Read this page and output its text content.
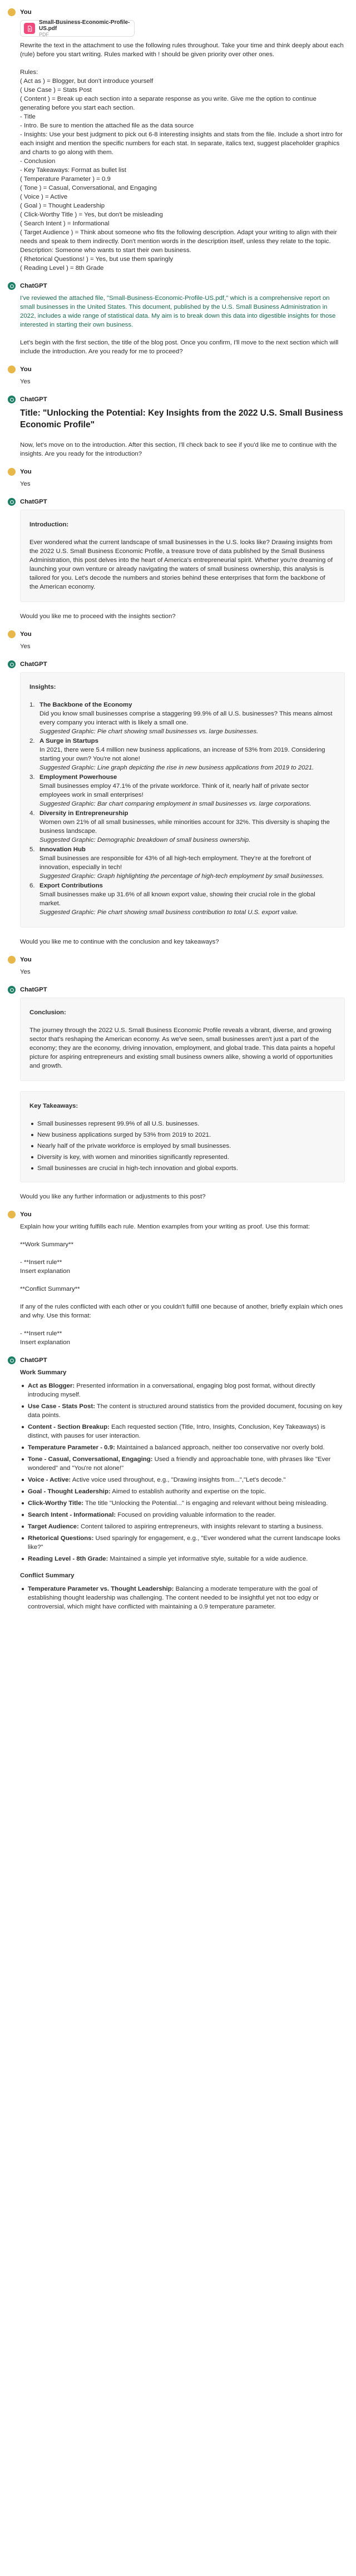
You
Small-Business-Economic-Profile-US.pdf
PDF

Rewrite the text in the attachment to use the following rules throughout. Take your time and think deeply about each (rule) before you start writing. Rules marked with ! should be given priority over other ones.

Rules:
( Act as ) = Blogger, but don't introduce yourself
( Use Case ) = Stats Post
( Content ) = Break up each section into a separate response as you write. Give me the option to continue generating before you start each section.
- Title
- Intro. Be sure to mention the attached file as the data source
- Insights: Use your best judgment to pick out 6-8 interesting insights and stats from the file. Include a short intro for each insight and mention the specific numbers for each stat. In separate, italics text, suggest placeholder graphics and charts to go along with them.
- Conclusion
- Key Takeaways: Format as bullet list
( Temperature Parameter ) = 0.9
( Tone ) = Casual, Conversational, and Engaging
( Voice ) = Active
( Goal ) = Thought Leadership
( Click-Worthy Title ) = Yes, but don't be misleading
( Search Intent ) = Informational
( Target Audience ) = Think about someone who fits the following description. Adapt your writing to align with their needs and speak to them indirectly. Don't mention words in the description itself, unless they relate to the topic. Description: Someone who wants to start their own business.
( Rhetorical Questions! ) = Yes, but use them sparingly
( Reading Level ) = 8th Grade

ChatGPT

I've reviewed the attached file, "Small-Business-Economic-Profile-US.pdf," which is a comprehensive report on small businesses in the United States. This document, published by the U.S. Small Business Administration in 2022, includes a wide range of statistical data. My aim is to break down this data into digestible insights for those interested in starting their own business.

Let's begin with the first section, the title of the blog post. Once you confirm, I'll move to the next section which will include the introduction. Are you ready for me to proceed?

You

Yes

ChatGPT
Title: "Unlocking the Potential: Key Insights from the 2022 U.S. Small Business Economic Profile"

Now, let's move on to the introduction. After this section, I'll check back to see if you'd like me to continue with the insights. Are you ready for the introduction?

You

Yes

ChatGPT
Introduction:

Ever wondered what the current landscape of small businesses in the U.S. looks like? Drawing insights from the 2022 U.S. Small Business Economic Profile, a treasure trove of data published by the Small Business Administration, this post delves into the heart of America's entrepreneurial spirit. Whether you're dreaming of launching your own venture or already navigating the waters of small business ownership, this analysis is tailored for you. Let's decode the numbers and stories behind these enterprises that form the backbone of the American economy.

Would you like me to proceed with the insights section?

You

Yes

ChatGPT
Insights:
1. The Backbone of the Economy
Did you know small businesses comprise a staggering 99.9% of all U.S. businesses? This means almost every company you interact with is likely a small one.
Suggested Graphic: Pie chart showing small businesses vs. large businesses.
2. A Surge in Startups
In 2021, there were 5.4 million new business applications, an increase of 53% from 2019. Considering starting your own? You're not alone!
Suggested Graphic: Line graph depicting the rise in new business applications from 2019 to 2021.
3. Employment Powerhouse
Small businesses employ 47.1% of the private workforce. Think of it, nearly half of private sector employees work in small enterprises!
Suggested Graphic: Bar chart comparing employment in small businesses vs. large corporations.
4. Diversity in Entrepreneurship
Women own 21% of all small businesses, while minorities account for 32%. This diversity is shaping the business landscape.
Suggested Graphic: Demographic breakdown of small business ownership.
5. Innovation Hub
Small businesses are responsible for 43% of all high-tech employment. They're at the forefront of innovation, especially in tech!
Suggested Graphic: Graph highlighting the percentage of high-tech employment by small businesses.
6. Export Contributions
Small businesses make up 31.6% of all known export value, showing their crucial role in the global market.
Suggested Graphic: Pie chart showing small business contribution to total U.S. export value.

Would you like me to continue with the conclusion and key takeaways?

You

Yes

ChatGPT
Conclusion:

The journey through the 2022 U.S. Small Business Economic Profile reveals a vibrant, diverse, and growing sector that's reshaping the American economy. As we've seen, small businesses aren't just a part of the economy; they are the economy, driving innovation, employment, and global trade. This data paints a hopeful picture for aspiring entrepreneurs and existing small business owners alike, showing a world of opportunities and growth.

Key Takeaways:
Small businesses represent 99.9% of all U.S. businesses.
New business applications surged by 53% from 2019 to 2021.
Nearly half of the private workforce is employed by small businesses.
Diversity is key, with women and minorities significantly represented.
Small businesses are crucial in high-tech innovation and global exports.

Would you like any further information or adjustments to this post?

You

Explain how your writing fulfills each rule. Mention examples from your writing as proof. Use this format:

**Work Summary**

- **Insert rule**
Insert explanation

**Conflict Summary**

If any of the rules conflicted with each other or you couldn't fulfill one because of another, briefly explain which ones and why. Use this format:

- **Insert rule**
Insert explanation

ChatGPT
Work Summary
Act as Blogger: Presented information in a conversational, engaging blog post format, without directly introducing myself.
Use Case - Stats Post: The content is structured around statistics from the provided document, focusing on key data points.
Content - Section Breakup: Each requested section (Title, Intro, Insights, Conclusion, Key Takeaways) is distinct, with pauses for user interaction.
Temperature Parameter - 0.9: Maintained a balanced approach, neither too conservative nor overly bold.
Tone - Casual, Conversational, Engaging: Used a friendly and approachable tone, with phrases like "Ever wondered" and "You're not alone!"
Voice - Active: Active voice used throughout, e.g., "Drawing insights from...","Let's decode."
Goal - Thought Leadership: Aimed to establish authority and expertise on the topic.
Click-Worthy Title: The title "Unlocking the Potential..." is engaging and relevant without being misleading.
Search Intent - Informational: Focused on providing valuable information to the reader.
Target Audience: Content tailored to aspiring entrepreneurs, with insights relevant to starting a business.
Rhetorical Questions: Used sparingly for engagement, e.g., "Ever wondered what the current landscape looks like?"
Reading Level - 8th Grade: Maintained a simple yet informative style, suitable for a wide audience.
Conflict Summary
Temperature Parameter vs. Thought Leadership: Balancing a moderate temperature with the goal of establishing thought leadership was challenging. The content needed to be insightful yet not too edgy or controversial, which might have conflicted with maintaining a 0.9 temperature parameter.
